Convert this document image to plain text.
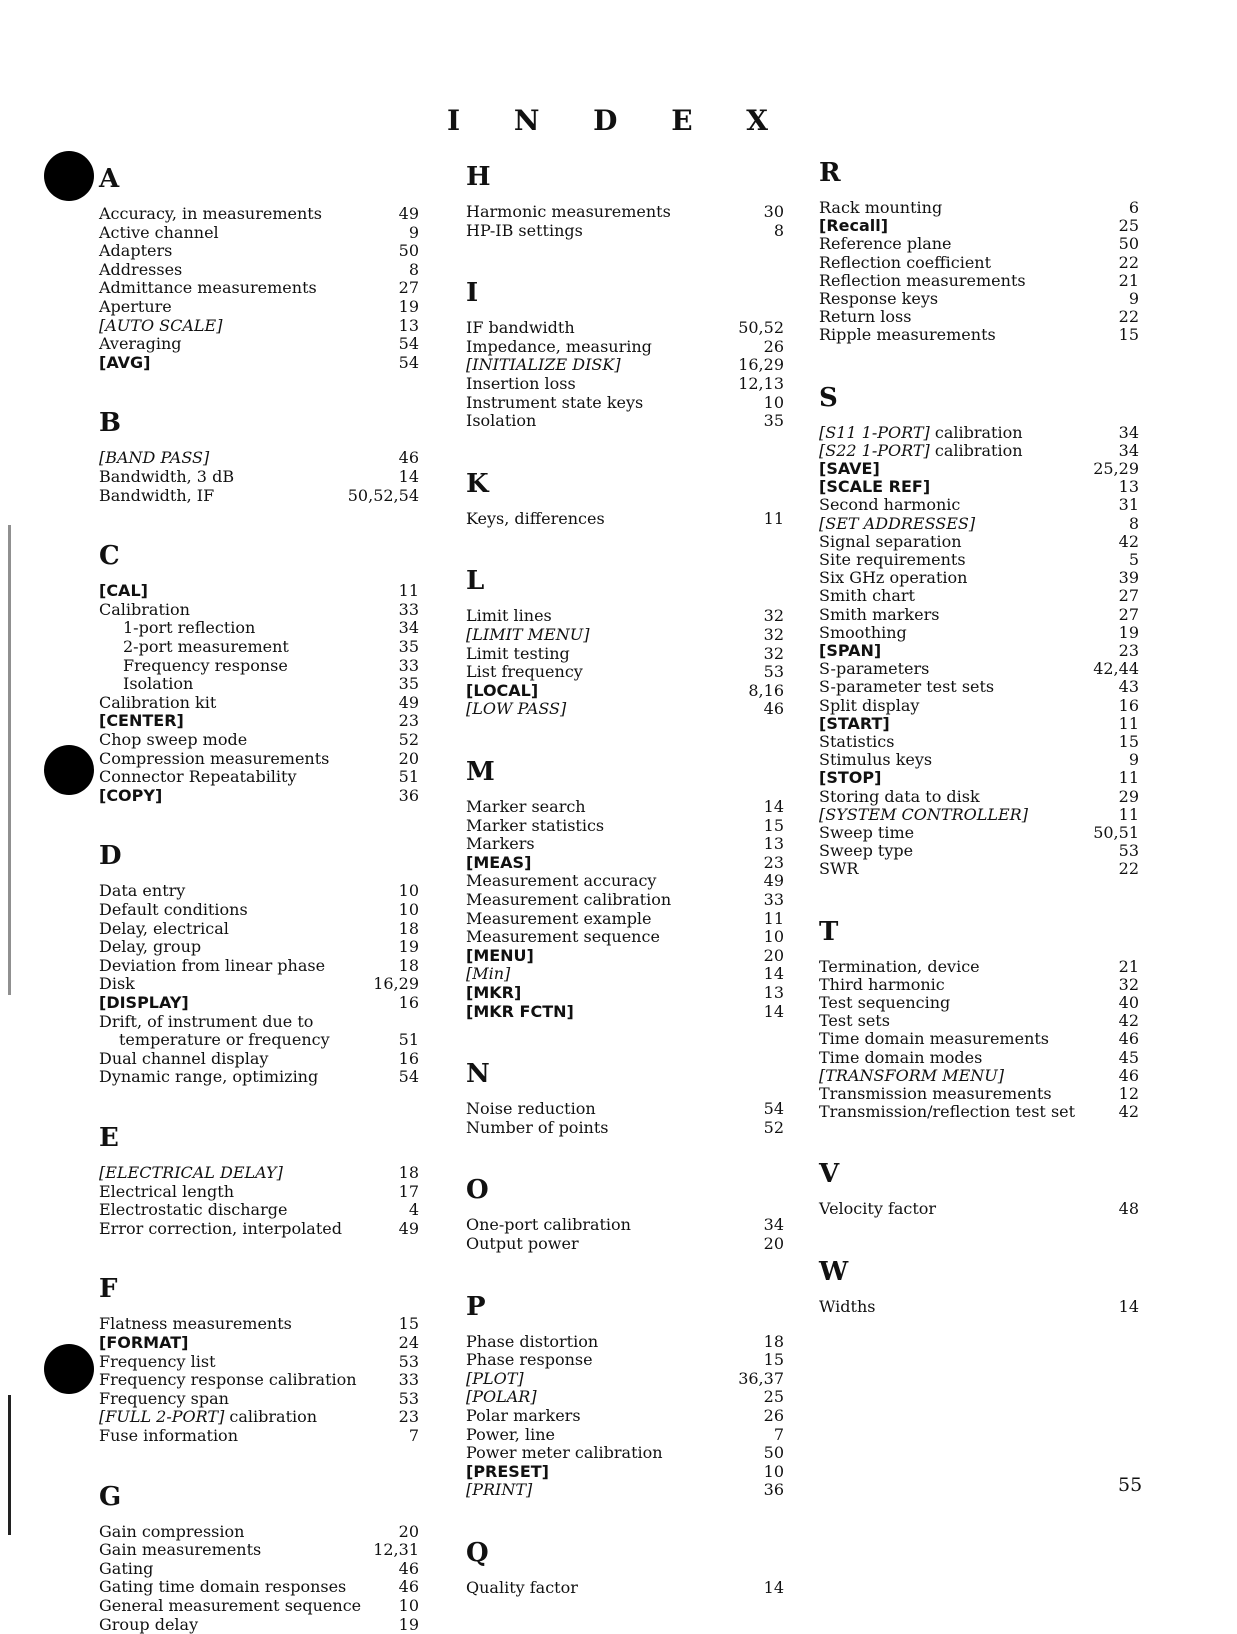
I N D E X
A
Accuracy, in measurements	49
Active channel	9
Adapters	50
Addresses	8
Admittance measurements	27
Aperture	19
[AUTO SCALE]	13
Averaging	54
[AVG]	54
B
[BAND PASS]	46
Bandwidth, 3 dB	14
Bandwidth, IF	50,52,54
C
[CAL]	11
Calibration	33
1-port reflection	34
2-port measurement	35
Frequency response	33
Isolation	35
Calibration kit	49
[CENTER]	23
Chop sweep mode	52
Compression measurements	20
Connector Repeatability	51
[COPY]	36
D
Data entry	10
Default conditions	10
Delay, electrical	18
Delay, group	19
Deviation from linear phase	18
Disk	16,29
[DISPLAY]	16
Drift, of instrument due to
temperature or frequency	51
Dual channel display	16
Dynamic range, optimizing	54
E
[ELECTRICAL DELAY]	18
Electrical length	17
Electrostatic discharge	4
Error correction, interpolated	49
F
Flatness measurements	15
[FORMAT]	24
Frequency list	53
Frequency response calibration	33
Frequency span	53
[FULL 2-PORT] calibration	23
Fuse information	7
G
Gain compression	20
Gain measurements	12,31
Gating	46
Gating time domain responses	46
General measurement sequence 10
Group delay	19
H
Harmonic measurements	30
HP-IB settings	8
I
IF bandwidth	50,52
Impedance, measuring	26
[INITIALIZE DISK]	16,29
Insertion loss	12,13
Instrument state keys	10
Isolation	35
K
Keys, differences	11
L
Limit lines	32
[LIMIT MENU]	32
Limit testing	32
List frequency	53
[LOCAL]	8,16
[LOW PASS]	46
M
Marker search	14
Marker statistics	15
Markers	13
[MEAS]	23
Measurement accuracy	49
Measurement calibration	33
Measurement example	11
Measurement sequence	10
[MENU]	20
[Min]	14
[MKR]	13
[MKR FCTN]	14
N
Noise reduction	54
Number of points	52
O
One-port calibration	34
Output power	20
P
Phase distortion	18
Phase response	15
[PLOT]	36,37
[POLAR]	25
Polar markers	26
Power, line	7
Power meter calibration	50
[PRESET]	10
[PRINT]	36
Q
Quality factor	14
R
Rack mounting	6
[Recall]	25
Reference plane	50
Reflection coefficient	22
Reflection measurements	21
Response keys	9
Return loss	22
Ripple measurements	15
S
[S11 1-PORT] calibration	34
[S22 1-PORT] calibration	34
[SAVE]	25,29
[SCALE REF]	13
Second harmonic	31
[SET ADDRESSES]	8
Signal separation	42
Site requirements	5
Six GHz operation	39
Smith chart	27
Smith markers	27
Smoothing	19
[SPAN]	23
S-parameters	42,44
S-parameter test sets	43
Split display	16
[START]	11
Statistics	15
Stimulus keys	9
[STOP]	11
Storing data to disk	29
[SYSTEM CONTROLLER]	11
Sweep time	50,51
Sweep type	53
SWR	22
T
Termination, device	21
Third harmonic	32
Test sequencing	40
Test sets	42
Time domain measurements	46
Time domain modes	45
[TRANSFORM MENU]	46
Transmission measurements	12
Transmission/reflection test set	42
V
Velocity factor	48
W
Widths	14
55
